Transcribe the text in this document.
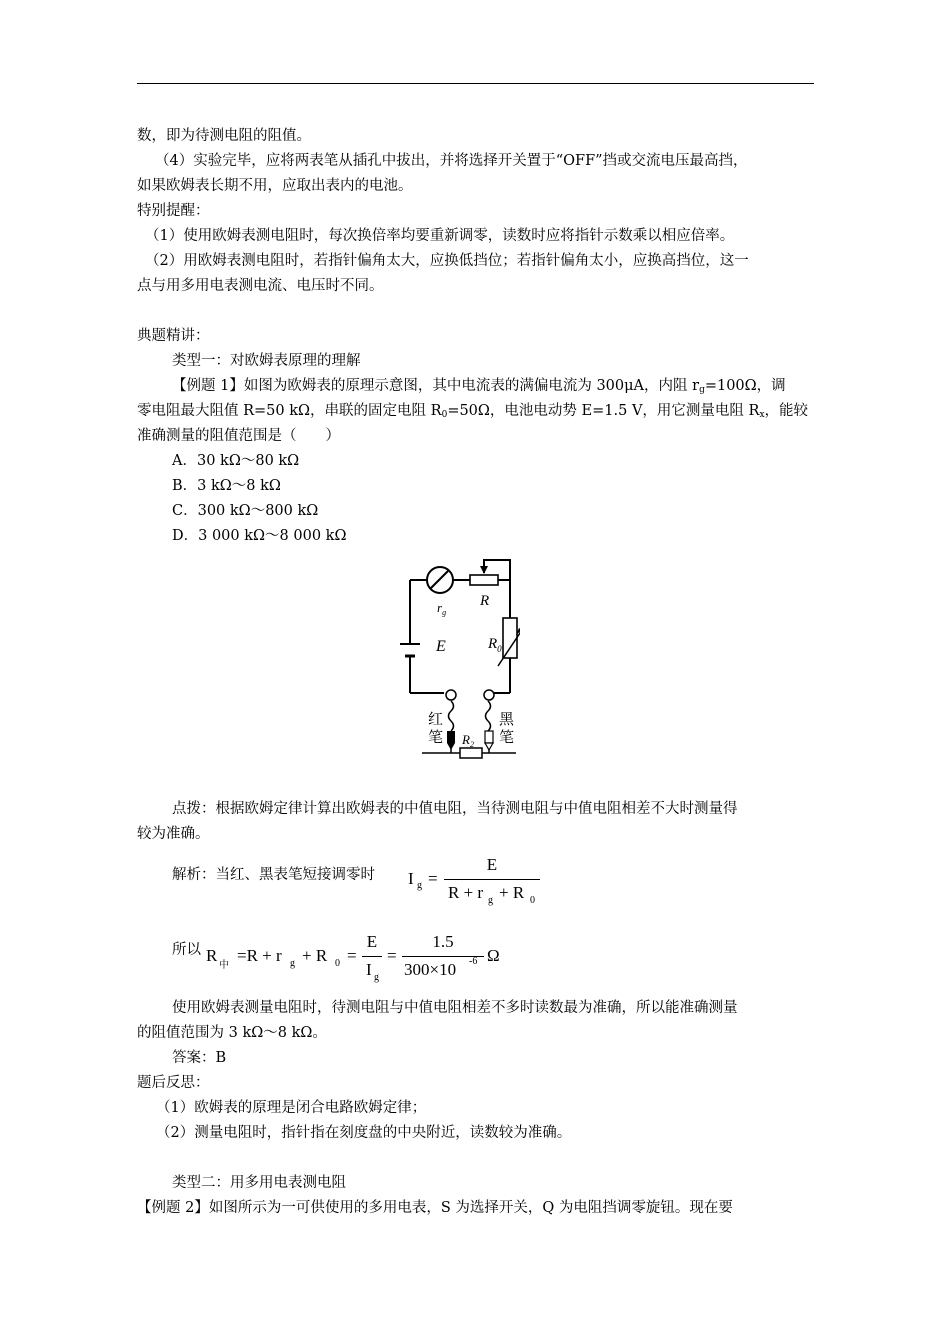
数，即为待测电阻的阻值。
（4）实验完毕，应将两表笔从插孔中拔出，并将选择开关置于“OFF”挡或交流电压最高挡，
如果欧姆表长期不用，应取出表内的电池。
特别提醒：
（1）使用欧姆表测电阻时，每次换倍率均要重新调零，读数时应将指针示数乘以相应倍率。
（2）用欧姆表测电阻时，若指针偏角太大，应换低挡位；若指针偏角太小，应换高挡位，这一
点与用多用电表测电流、电压时不同。
典题精讲：
类型一：对欧姆表原理的理解
【例题 1】如图为欧姆表的原理示意图，其中电流表的满偏电流为 300μA，内阻 $r_g=100\Omega$，调
零电阻最大阻值 R=50 kΩ，串联的固定电阻 $R_0=50\Omega$，电池电动势 E=1.5 V，用它测量电阻 $R_x$，能较
准确测量的阻值范围是（　　）
A．30 kΩ～80 kΩ
B．3 kΩ～8 kΩ
C．300 kΩ～800 kΩ
D．3 000 kΩ～8 000 kΩ
$r_g$
R
E	$R_0$
红
笔
黑
笔
$R_2$
点拨：根据欧姆定律计算出欧姆表的中值电阻，当待测电阻与中值电阻相差不大时测量得
较为准确。
解析：当红、黑表笔短接调零时 I g =
E
R + r g + R 0
所以 R
中
=R + r g + R 0 =
E
I g
=
1.5
300×10 -6 Ω
使用欧姆表测量电阻时，待测电阻与中值电阻相差不多时读数最为准确，所以能准确测量
的阻值范围为 3 kΩ～8 kΩ。
答案：B
题后反思：
（1）欧姆表的原理是闭合电路欧姆定律；
（2）测量电阻时，指针指在刻度盘的中央附近，读数较为准确。
类型二：用多用电表测电阻
【例题 2】如图所示为一可供使用的多用电表，S 为选择开关，Q 为电阻挡调零旋钮。现在要
